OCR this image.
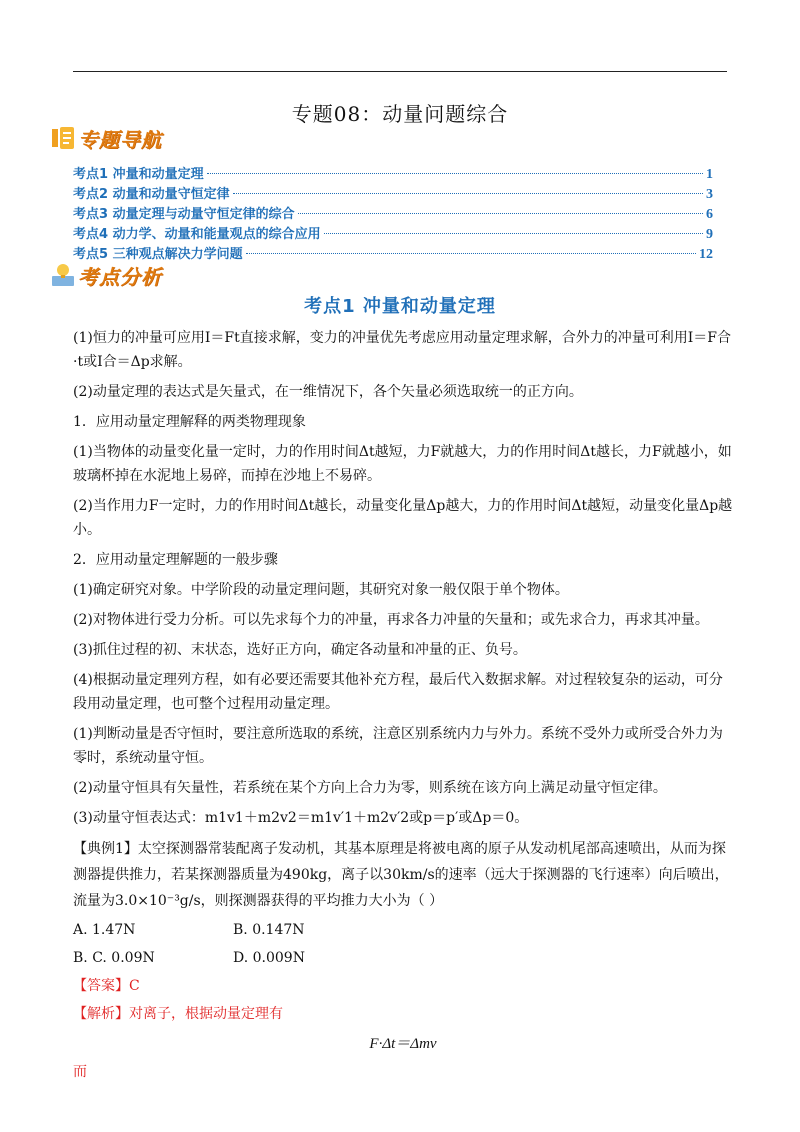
专题08：动量问题综合
专题导航
考点1 冲量和动量定理	1
考点2 动量和动量守恒定律	3
考点3 动量定理与动量守恒定律的综合	6
考点4 动力学、动量和能量观点的综合应用	9
考点5 三种观点解决力学问题	12
考点分析
考点1 冲量和动量定理

(1)恒力的冲量可应用I＝Ft直接求解，变力的冲量优先考虑应用动量定理求解，合外力的冲量可利用I＝F合·t或I合＝Δp求解。

(2)动量定理的表达式是矢量式，在一维情况下，各个矢量必须选取统一的正方向。

1．应用动量定理解释的两类物理现象

(1)当物体的动量变化量一定时，力的作用时间Δt越短，力F就越大，力的作用时间Δt越长，力F就越小，如玻璃杯掉在水泥地上易碎，而掉在沙地上不易碎。

(2)当作用力F一定时，力的作用时间Δt越长，动量变化量Δp越大，力的作用时间Δt越短，动量变化量Δp越小。

2．应用动量定理解题的一般步骤

(1)确定研究对象。中学阶段的动量定理问题，其研究对象一般仅限于单个物体。

(2)对物体进行受力分析。可以先求每个力的冲量，再求各力冲量的矢量和；或先求合力，再求其冲量。

(3)抓住过程的初、末状态，选好正方向，确定各动量和冲量的正、负号。

(4)根据动量定理列方程，如有必要还需要其他补充方程，最后代入数据求解。对过程较复杂的运动，可分段用动量定理，也可整个过程用动量定理。

(1)判断动量是否守恒时，要注意所选取的系统，注意区别系统内力与外力。系统不受外力或所受合外力为零时，系统动量守恒。

(2)动量守恒具有矢量性，若系统在某个方向上合力为零，则系统在该方向上满足动量守恒定律。

(3)动量守恒表达式：m1v1＋m2v2＝m1v′1＋m2v′2或p＝p′或Δp＝0。

【典例1】太空探测器常装配离子发动机，其基本原理是将被电离的原子从发动机尾部高速喷出，从而为探测器提供推力，若某探测器质量为490kg，离子以30km/s的速率（远大于探测器的飞行速率）向后喷出，流量为3.0×10⁻³g/s，则探测器获得的平均推力大小为（ ）

A. 1.47N	B. 0.147N
B. C. 0.09N	D. 0.009N

【答案】C

【解析】对离子，根据动量定理有

F·Δt＝Δmv

而
